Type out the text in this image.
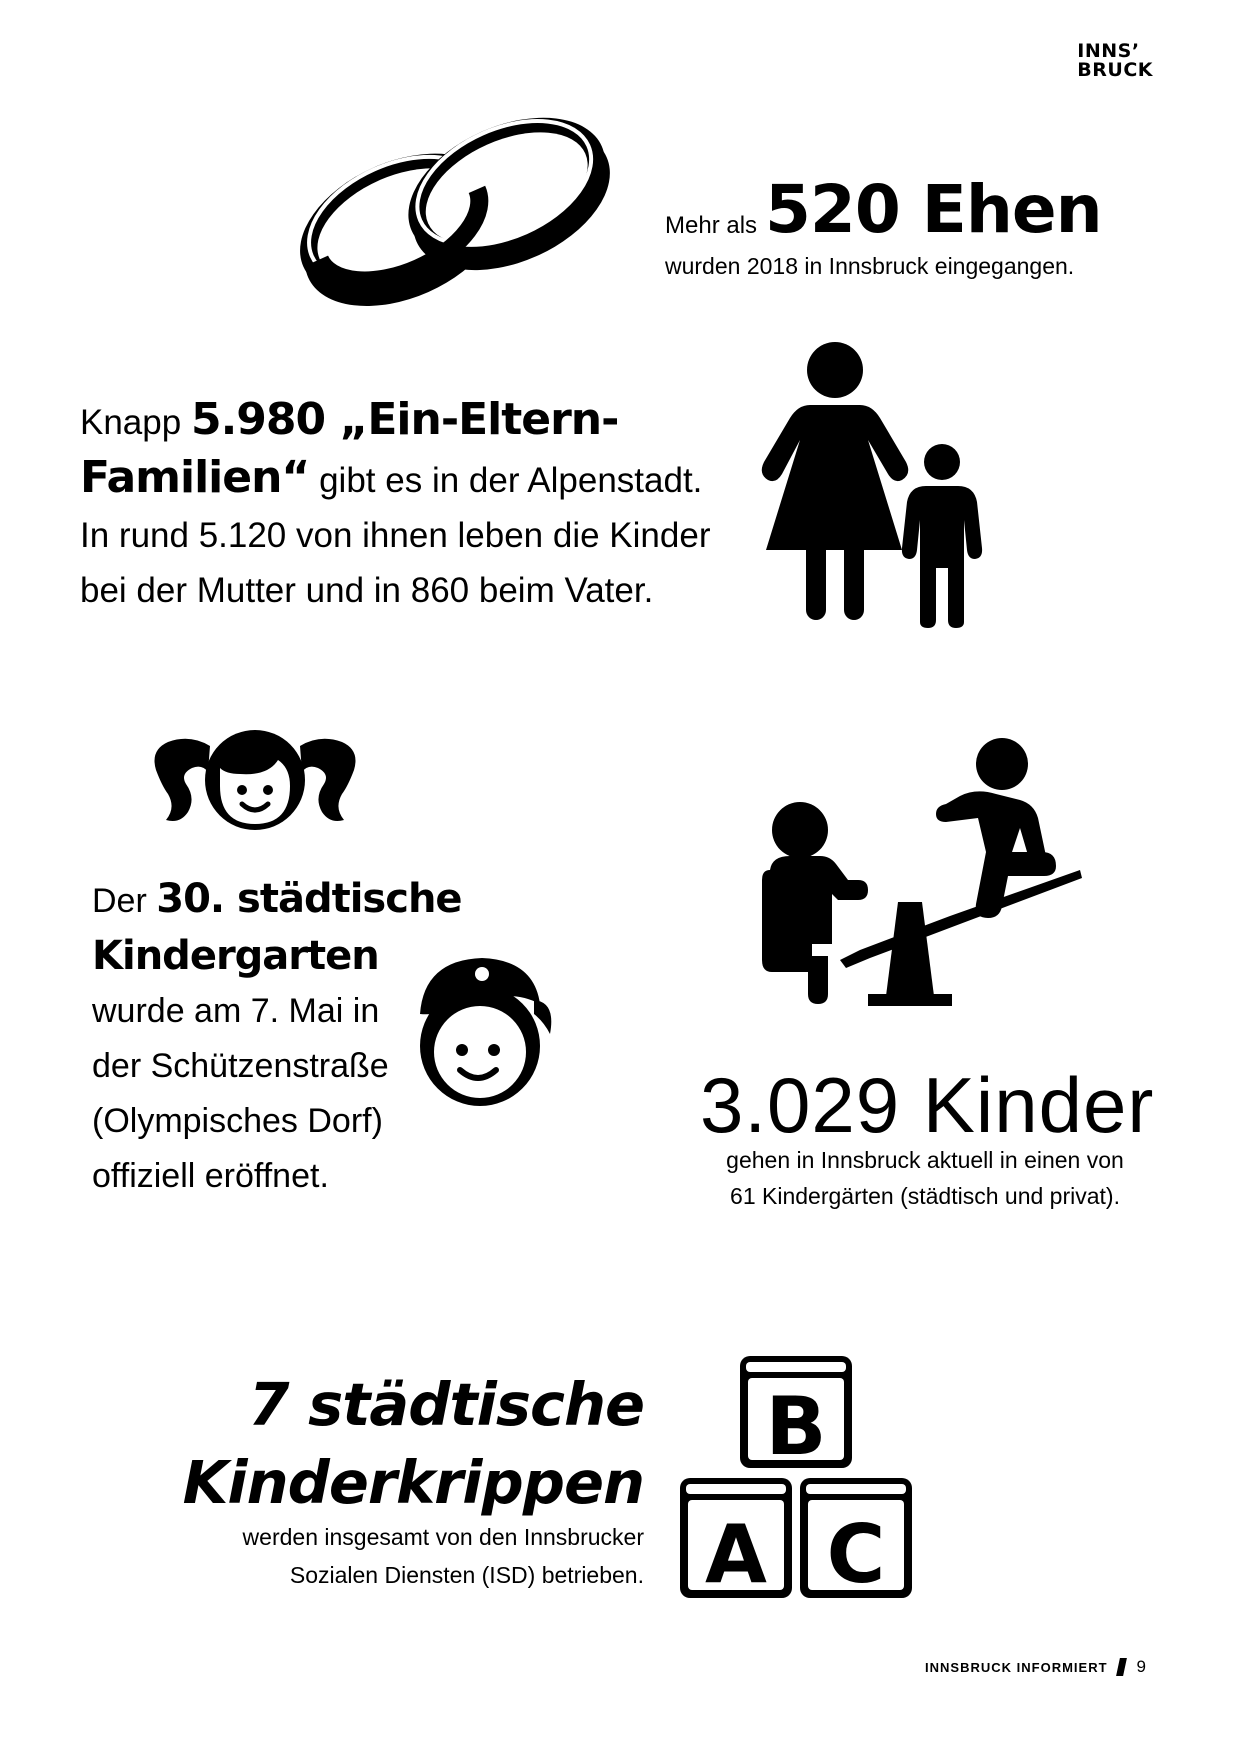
INNS’
BRUCK
Mehr als 520 Ehen
wurden 2018 in Innsbruck eingegangen.
Knapp 5.980 „Ein-Eltern-
Familien“ gibt es in der Alpenstadt.
In rund 5.120 von ihnen leben die Kinder
bei der Mutter und in 860 beim Vater.
Der 30. städtische
Kindergarten
wurde am 7. Mai in
der Schützenstraße
(Olympisches Dorf)
offiziell eröffnet.
3.029 Kinder
gehen in Innsbruck aktuell in einen von
61 Kindergärten (städtisch und privat).
7 städtische
Kinderkrippen
werden insgesamt von den Innsbrucker
Sozialen Diensten (ISD) betrieben.
B
A C
INNSBRUCK INFORMIERT 9
